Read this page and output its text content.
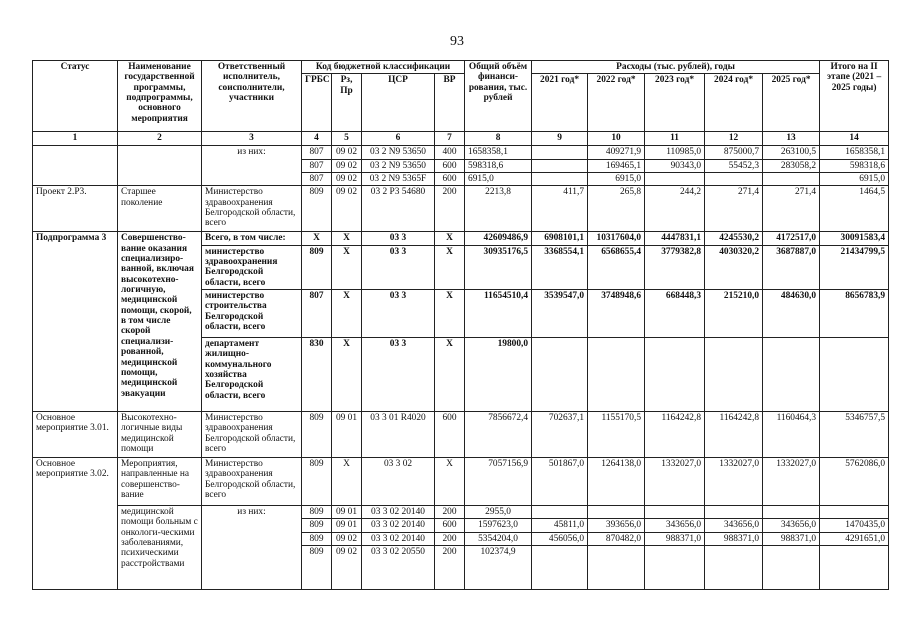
93
Статус	Наименование государственной программы, подпрограммы, основного мероприятия	Ответственный исполнитель, соисполнители, участники	Код бюджетной классификации				Общий объём финанси-рования, тыс. рублей	Расходы (тыс. рублей), годы					Итого на II этапе (2021 – 2025 годы)
			ГРБС	Рз, Пр	ЦСР	ВР		2021 год*	2022 год*	2023 год*	2024 год*	2025 год*	
1	2	3	4	5	6	7	8	9	10	11	12	13	14
		из них:	807	09 02	03 2 N9 53650	400	1658358,1		409271,9	110985,0	875000,7	263100,5	1658358,1
			807	09 02	03 2 N9 53650	600	598318,6		169465,1	90343,0	55452,3	283058,2	598318,6
			807	09 02	03 2 N9 5365F	600	6915,0		6915,0				6915,0
Проект 2.Р3.	Старшее поколение	Министерство здравоохранения Белгородской области, всего	809	09 02	03 2 Р3 54680	200	2213,8	411,7	265,8	244,2	271,4	271,4	1464,5
Подпрограмма 3	Совершенство-вание оказания специализиро-ванной, включая высокотехно-логичную, медицинской помощи, скорой, в том числе скорой специализи-рованной, медицинской помощи, медицинской эвакуации	Всего, в том числе:	X	X	03 3	X	42609486,9	6908101,1	10317604,0	4447831,1	4245530,2	4172517,0	30091583,4
		министерство здравоохранения Белгородской области, всего	809	X	03 3	X	30935176,5	3368554,1	6568655,4	3779382,8	4030320,2	3687887,0	21434799,5
		министерство строительства Белгородской области, всего	807	X	03 3	X	11654510,4	3539547,0	3748948,6	668448,3	215210,0	484630,0	8656783,9
		департамент жилищно-коммунального хозяйства Белгородской области, всего	830	X	03 3	X	19800,0						
Основное мероприятие 3.01.	Высокотехно-логичные виды медицинской помощи	Министерство здравоохранения Белгородской области, всего	809	09 01	03 3 01 R4020	600	7856672,4	702637,1	1155170,5	1164242,8	1164242,8	1160464,3	5346757,5
Основное мероприятие 3.02.	Мероприятия, направленные на совершенство-вание	Министерство здравоохранения Белгородской области, всего	809	X	03 3 02	X	7057156,9	501867,0	1264138,0	1332027,0	1332027,0	1332027,0	5762086,0
	медицинской помощи больным с онкологи-ческими заболеваниями, психическими расстройствами	из них:	809	09 01	03 3 02 20140	200	2955,0						
			809	09 01	03 3 02 20140	600	1597623,0	45811,0	393656,0	343656,0	343656,0	343656,0	1470435,0
			809	09 02	03 3 02 20140	200	5354204,0	456056,0	870482,0	988371,0	988371,0	988371,0	4291651,0
			809	09 02	03 3 02 20550	200	102374,9						
